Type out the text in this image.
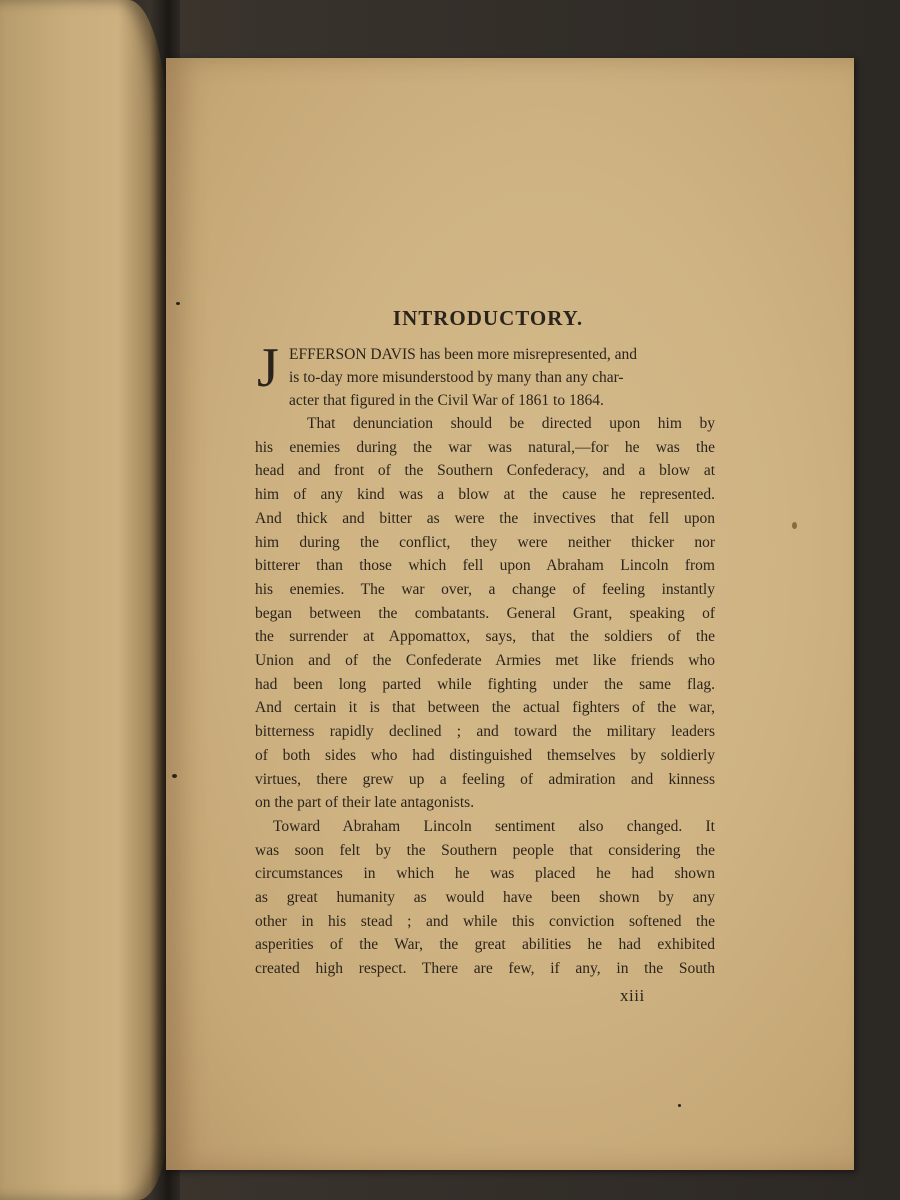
INTRODUCTORY.

J EFFERSON DAVIS has been more misrepresented, and
is to-day more misunderstood by many than any char-
acter that figured in the Civil War of 1861 to 1864.

That denunciation should be directed upon him by
his enemies during the war was natural,—for he was the
head and front of the Southern Confederacy, and a blow at
him of any kind was a blow at the cause he represented.
And thick and bitter as were the invectives that fell upon
him during the conflict, they were neither thicker nor
bitterer than those which fell upon Abraham Lincoln from
his enemies. The war over, a change of feeling instantly
began between the combatants. General Grant, speaking of
the surrender at Appomattox, says, that the soldiers of the
Union and of the Confederate Armies met like friends who
had been long parted while fighting under the same flag.
And certain it is that between the actual fighters of the war,
bitterness rapidly declined ; and toward the military leaders
of both sides who had distinguished themselves by soldierly
virtues, there grew up a feeling of admiration and kinness
on the part of their late antagonists.

Toward Abraham Lincoln sentiment also changed. It
was soon felt by the Southern people that considering the
circumstances in which he was placed he had shown
as great humanity as would have been shown by any
other in his stead ; and while this conviction softened the
asperities of the War, the great abilities he had exhibited
created high respect. There are few, if any, in the South

xiii
